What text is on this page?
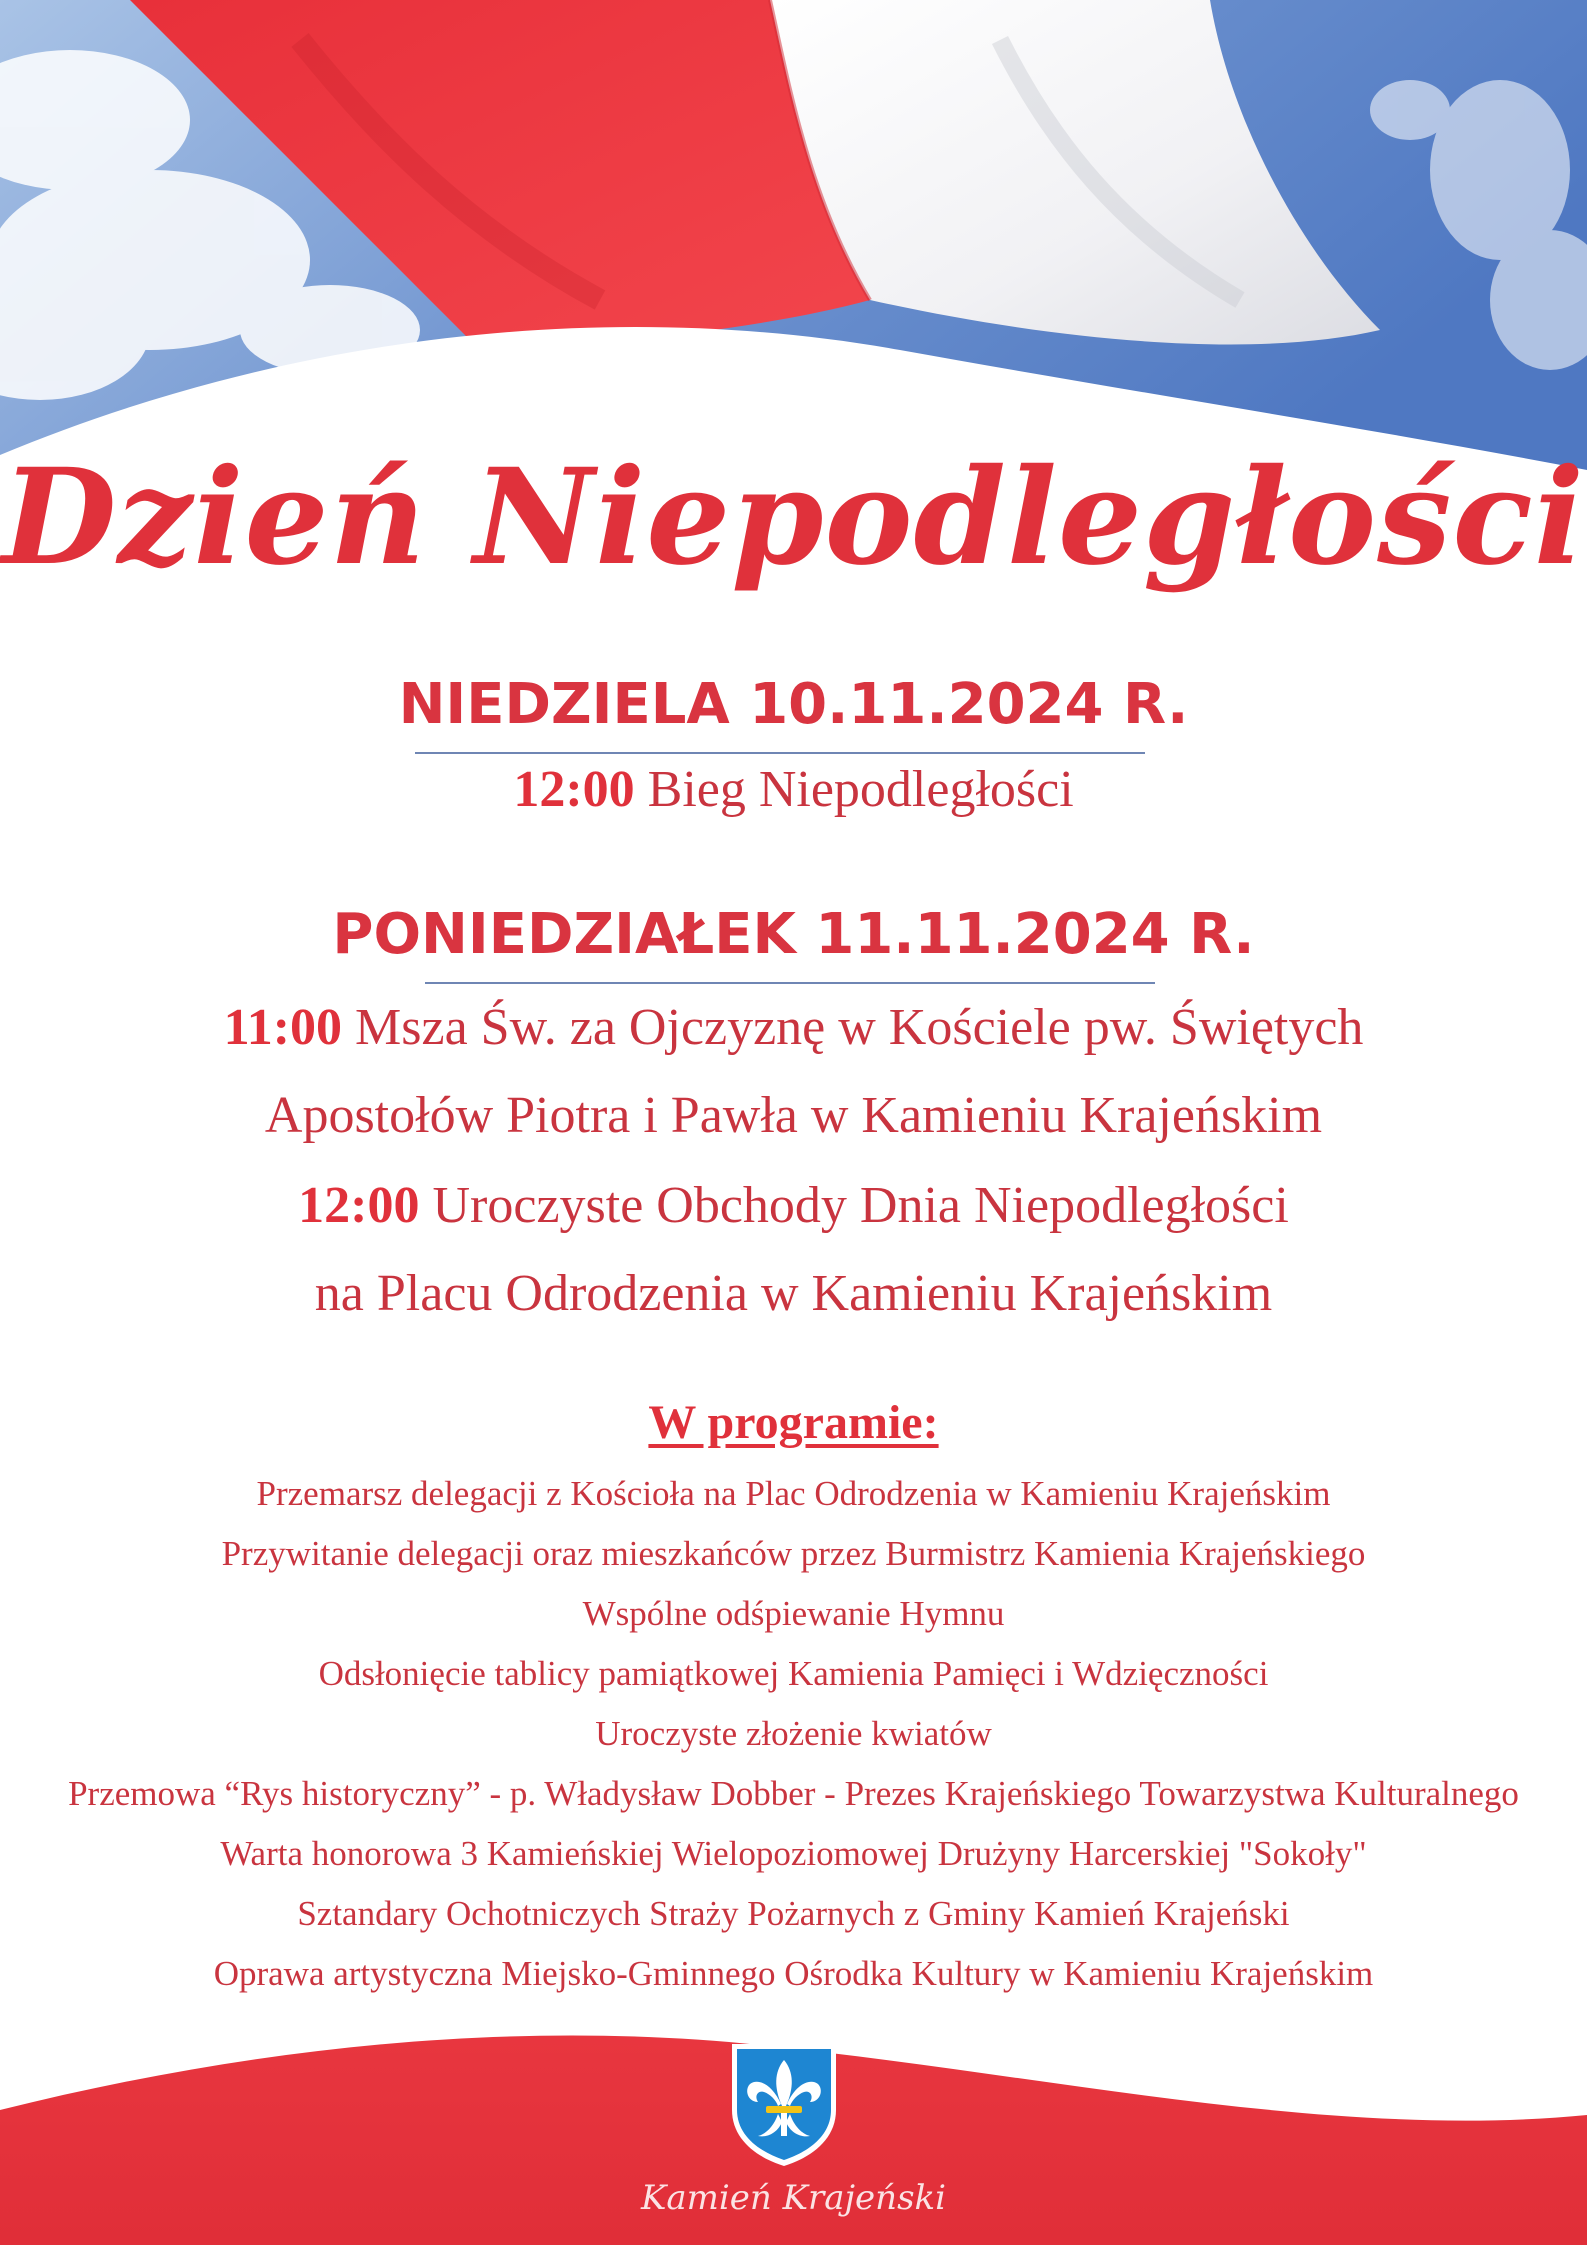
Dzień Niepodległości
NIEDZIELA 10.11.2024 R.
12:00 Bieg Niepodległości
PONIEDZIAŁEK 11.11.2024 R.
11:00 Msza Św. za Ojczyznę w Kościele pw. Świętych
Apostołów Piotra i Pawła w Kamieniu Krajeńskim
12:00 Uroczyste Obchody Dnia Niepodległości
na Placu Odrodzenia w Kamieniu Krajeńskim
W programie:
Przemarsz delegacji z Kościoła na Plac Odrodzenia w Kamieniu Krajeńskim
Przywitanie delegacji oraz mieszkańców przez Burmistrz Kamienia Krajeńskiego
Wspólne odśpiewanie Hymnu
Odsłonięcie tablicy pamiątkowej Kamienia Pamięci i Wdzięczności
Uroczyste złożenie kwiatów
Przemowa “Rys historyczny” - p. Władysław Dobber - Prezes Krajeńskiego Towarzystwa Kulturalnego
Warta honorowa 3 Kamieńskiej Wielopoziomowej Drużyny Harcerskiej "Sokoły"
Sztandary Ochotniczych Straży Pożarnych z Gminy Kamień Krajeński
Oprawa artystyczna Miejsko-Gminnego Ośrodka Kultury w Kamieniu Krajeńskim
Kamień Krajeński
